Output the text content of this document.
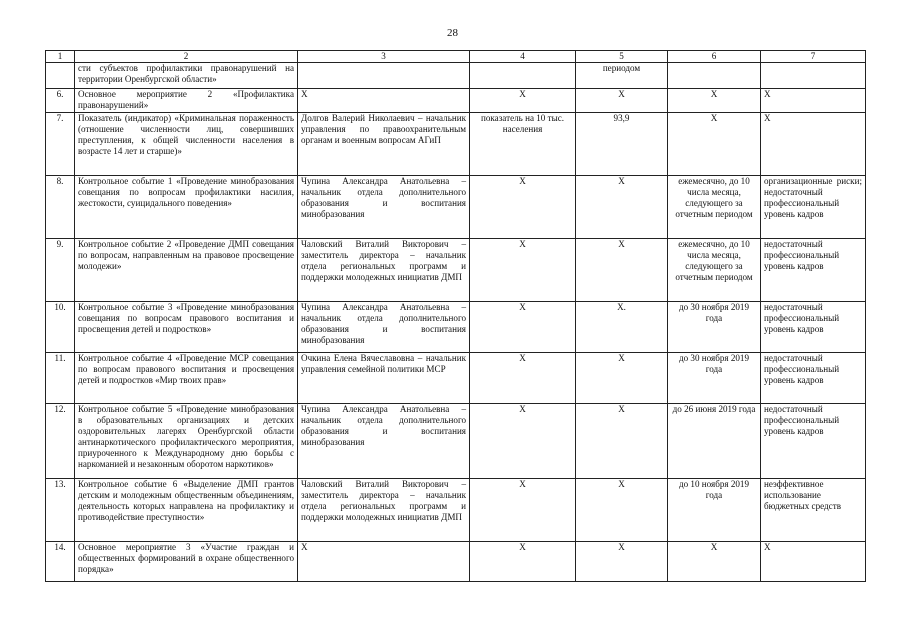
28
1	2	3	4	5	6	7
	сти субъектов профилактики правонарушений на территории Оренбургской области»			периодом		
6.	Основное мероприятие 2 «Профилактика правонарушений»	Х	Х	Х	Х	Х
7.	Показатель (индикатор) «Криминальная пораженность (отношение численности лиц, совершивших преступления, к общей численности населения в возрасте 14 лет и старше)»	Долгов Валерий Николаевич – начальник управления по правоохранительным органам и военным вопросам АГиП	показатель на 10 тыс. населения	93,9	Х	Х
8.	Контрольное событие 1 «Проведение минобразования совещания по вопросам профилактики насилия, жестокости, суицидального поведения»	Чупина Александра Анатольевна – начальник отдела дополнительного образования и воспитания минобразования	Х	Х	ежемесячно, до 10 числа месяца, следующего за отчетным периодом	организационные риски; недостаточный профессиональный уровень кадров
9.	Контрольное событие 2 «Проведение ДМП совещания по вопросам, направленным на правовое просвещение молодежи»	Чаловский Виталий Викторович – заместитель директора – начальник отдела региональных программ и поддержки молодежных инициатив ДМП	Х	Х	ежемесячно, до 10 числа месяца, следующего за отчетным периодом	недостаточный профессиональный уровень кадров
10.	Контрольное событие 3 «Проведение минобразования совещания по вопросам правового воспитания и просвещения детей и подростков»	Чупина Александра Анатольевна – начальник отдела дополнительного образования и воспитания минобразования	Х	Х.	до 30 ноября 2019 года	недостаточный профессиональный уровень кадров
11.	Контрольное событие 4 «Проведение МСР совещания по вопросам правового воспитания и просвещения детей и подростков «Мир твоих прав»	Очкина Елена Вячеславовна – начальник управления семейной политики МСР	Х	Х	до 30 ноября 2019 года	недостаточный профессиональный уровень кадров
12.	Контрольное событие 5 «Проведение минобразования в образовательных организациях и детских оздоровительных лагерях Оренбургской области антинаркотического профилактического мероприятия, приуроченного к Международному дню борьбы с наркоманией и незаконным оборотом наркотиков»	Чупина Александра Анатольевна – начальник отдела дополнительного образования и воспитания минобразования	Х	Х	до 26 июня 2019 года	недостаточный профессиональный уровень кадров
13.	Контрольное событие 6 «Выделение ДМП грантов детским и молодежным общественным объединениям, деятельность которых направлена на профилактику и противодействие преступности»	Чаловский Виталий Викторович – заместитель директора – начальник отдела региональных программ и поддержки молодежных инициатив ДМП	Х	Х	до 10 ноября 2019 года	неэффективное использование бюджетных средств
14.	Основное мероприятие 3 «Участие граждан и общественных формирований в охране общественного порядка»	Х	Х	Х	Х	Х
